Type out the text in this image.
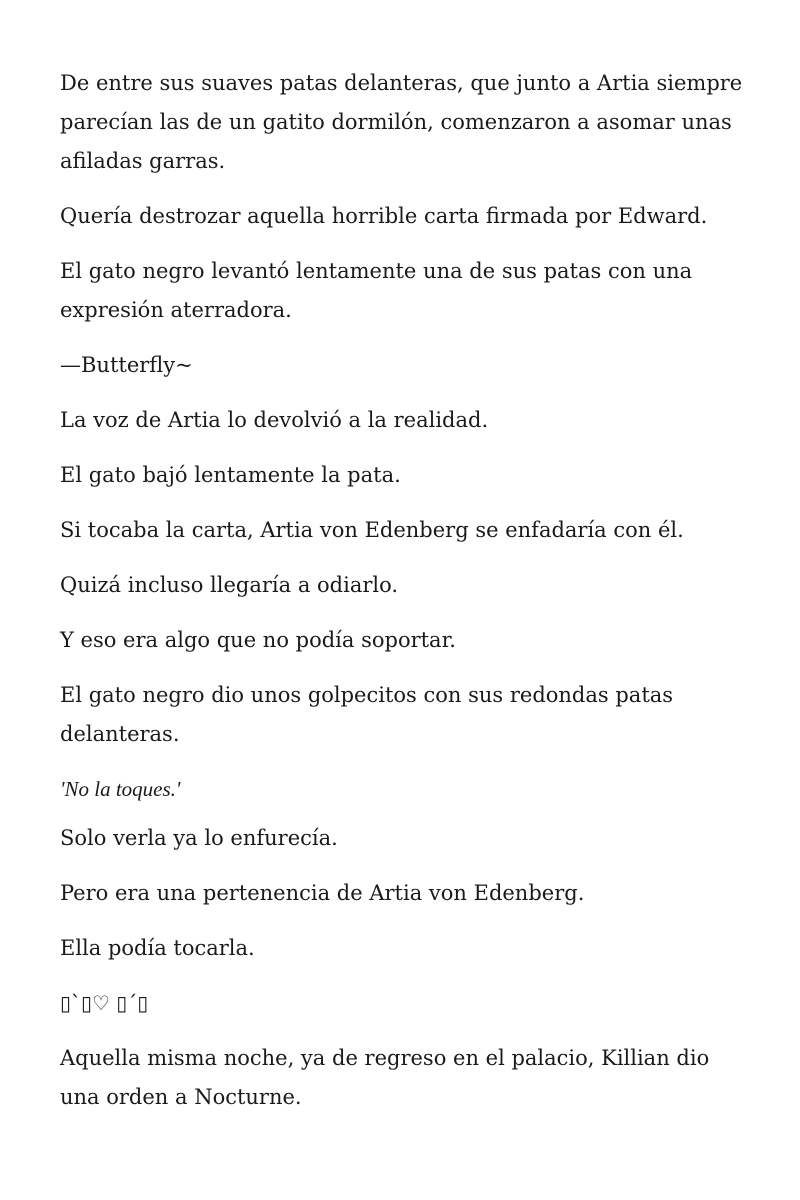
De entre sus suaves patas delanteras, que junto a Artia siempre parecían las de un gatito dormilón, comenzaron a asomar unas afiladas garras.

Quería destrozar aquella horrible carta firmada por Edward.

El gato negro levantó lentamente una de sus patas con una expresión aterradora.

—Butterfly~

La voz de Artia lo devolvió a la realidad.

El gato bajó lentamente la pata.

Si tocaba la carta, Artia von Edenberg se enfadaría con él.

Quizá incluso llegaría a odiarlo.

Y eso era algo que no podía soportar.

El gato negro dio unos golpecitos con sus redondas patas delanteras.

'No la toques.'

Solo verla ya lo enfurecía.

Pero era una pertenencia de Artia von Edenberg.

Ella podía tocarla.

▯`▯♡ ▯´▯

Aquella misma noche, ya de regreso en el palacio, Killian dio una orden a Nocturne.
